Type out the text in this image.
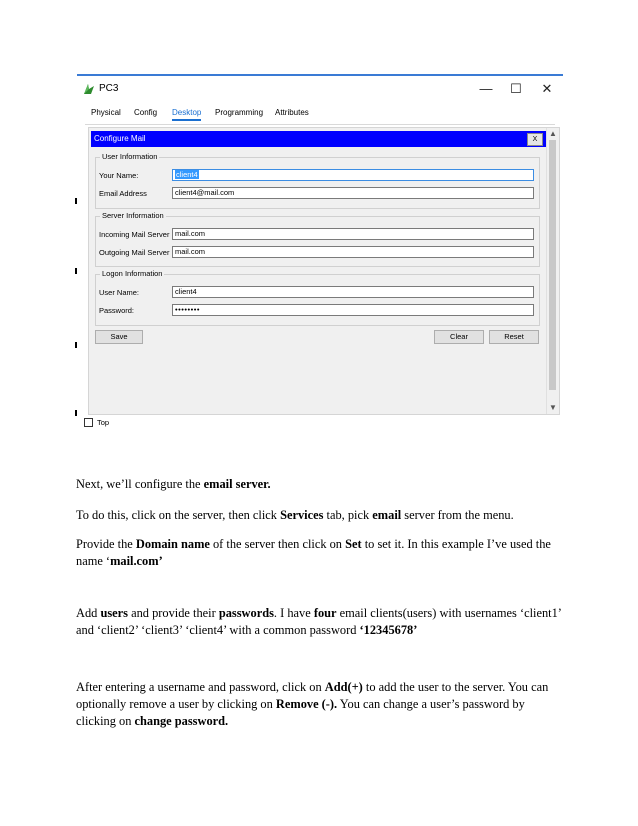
PC3	—	☐	✕
Physical Config Desktop Programming Attributes
Configure Mail	X
▲
▼
User Information
Your Name:	client4
Email Address	client4@mail.com
Server Information
Incoming Mail Server mail.com
Outgoing Mail Server mail.com
Logon Information
User Name:	client4
Password:	••••••••
Save	Clear	Reset
Top

Next, we’ll configure the email server.

To do this, click on the server, then click Services tab, pick email server from the menu.

Provide the Domain name of the server then click on Set to set it. In this example I’ve used the name ‘mail.com’

Add users and provide their passwords. I have four email clients(users) with usernames ‘client1’ and ‘client2’ ‘client3’ ‘client4’ with a common password ‘12345678’

After entering a username and password, click on Add(+) to add the user to the server. You can optionally remove a user by clicking on Remove (-). You can change a user’s password by clicking on change password.
